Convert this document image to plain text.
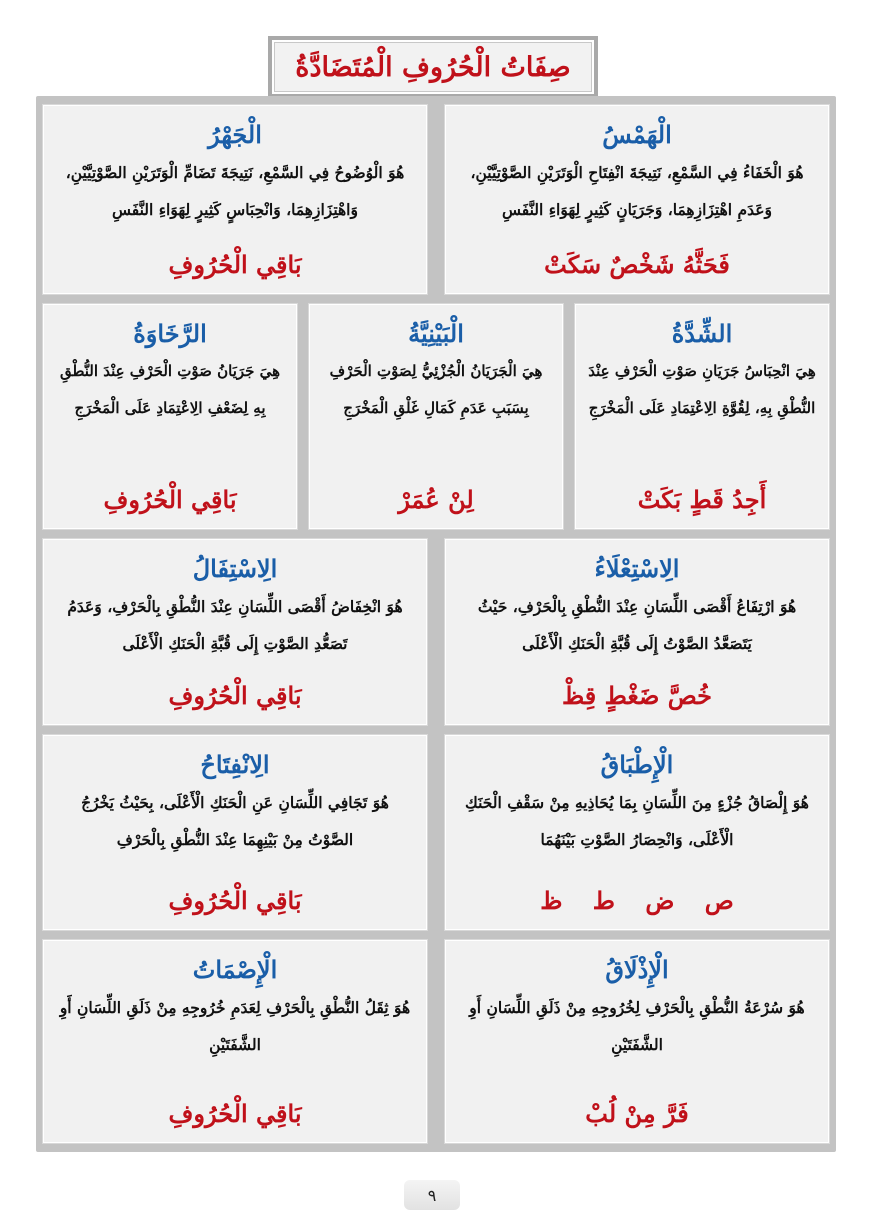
صِفَاتُ الْحُرُوفِ الْمُتَضَادَّةُ
الْهَمْسُ
هُوَ الْخَفَاءُ فِي السَّمْعِ، نَتِيجَةَ انْفِتَاحِ الْوَتَرَيْنِ الصَّوْتِيَّيْنِ، وَعَدَمِ اهْتِزَازِهِمَا، وَجَرَيَانٍ كَثِيرٍ لِهَوَاءِ النَّفَسِ
فَحَثَّهُ شَخْصٌ سَكَتْ
الْجَهْرُ
هُوَ الْوُضُوحُ فِي السَّمْعِ، نَتِيجَةَ تَضَامِّ الْوَتَرَيْنِ الصَّوْتِيَّيْنِ، وَاهْتِزَازِهِمَا، وَانْحِبَاسٍ كَثِيرٍ لِهَوَاءِ النَّفَسِ
بَاقِي الْحُرُوفِ
الشِّدَّةُ
هِيَ انْحِبَاسُ جَرَيَانِ صَوْتِ الْحَرْفِ عِنْدَ النُّطْقِ بِهِ، لِقُوَّةِ الِاعْتِمَادِ عَلَى الْمَخْرَجِ
أَجِدُ قَطٍ بَكَتْ
الْبَيْنِيَّةُ
هِيَ الْجَرَيَانُ الْجُزْئِيُّ لِصَوْتِ الْحَرْفِ بِسَبَبِ عَدَمِ كَمَالِ غَلْقِ الْمَخْرَجِ
لِنْ عُمَرْ
الرَّخَاوَةُ
هِيَ جَرَيَانُ صَوْتِ الْحَرْفِ عِنْدَ النُّطْقِ بِهِ لِضَعْفِ الِاعْتِمَادِ عَلَى الْمَخْرَجِ
بَاقِي الْحُرُوفِ
الِاسْتِعْلَاءُ
هُوَ ارْتِفَاعُ أَقْصَى اللِّسَانِ عِنْدَ النُّطْقِ بِالْحَرْفِ، حَيْثُ يَتَصَعَّدُ الصَّوْتُ إِلَى قُبَّةِ الْحَنَكِ الْأَعْلَى
خُصَّ ضَغْطٍ قِظْ
الِاسْتِفَالُ
هُوَ انْخِفَاضُ أَقْصَى اللِّسَانِ عِنْدَ النُّطْقِ بِالْحَرْفِ، وَعَدَمُ تَصَعُّدِ الصَّوْتِ إِلَى قُبَّةِ الْحَنَكِ الْأَعْلَى
بَاقِي الْحُرُوفِ
الْإِطْبَاقُ
هُوَ إِلْصَاقُ جُزْءٍ مِنَ اللِّسَانِ بِمَا يُحَاذِيهِ مِنْ سَقْفِ الْحَنَكِ الْأَعْلَى، وَانْحِصَارُ الصَّوْتِ بَيْنَهُمَا
ص ض ط ظ
الِانْفِتَاحُ
هُوَ تَجَافِي اللِّسَانِ عَنِ الْحَنَكِ الْأَعْلَى، بِحَيْثُ يَخْرُجُ الصَّوْتُ مِنْ بَيْنِهِمَا عِنْدَ النُّطْقِ بِالْحَرْفِ
بَاقِي الْحُرُوفِ
الْإِذْلَاقُ
هُوَ سُرْعَةُ النُّطْقِ بِالْحَرْفِ لِخُرُوجِهِ مِنْ ذَلَقِ اللِّسَانِ أَوِ الشَّفَتَيْنِ
فَرَّ مِنْ لُبْ
الْإِصْمَاتُ
هُوَ ثِقَلُ النُّطْقِ بِالْحَرْفِ لِعَدَمِ خُرُوجِهِ مِنْ ذَلَقِ اللِّسَانِ أَوِ الشَّفَتَيْنِ
بَاقِي الْحُرُوفِ
٩
